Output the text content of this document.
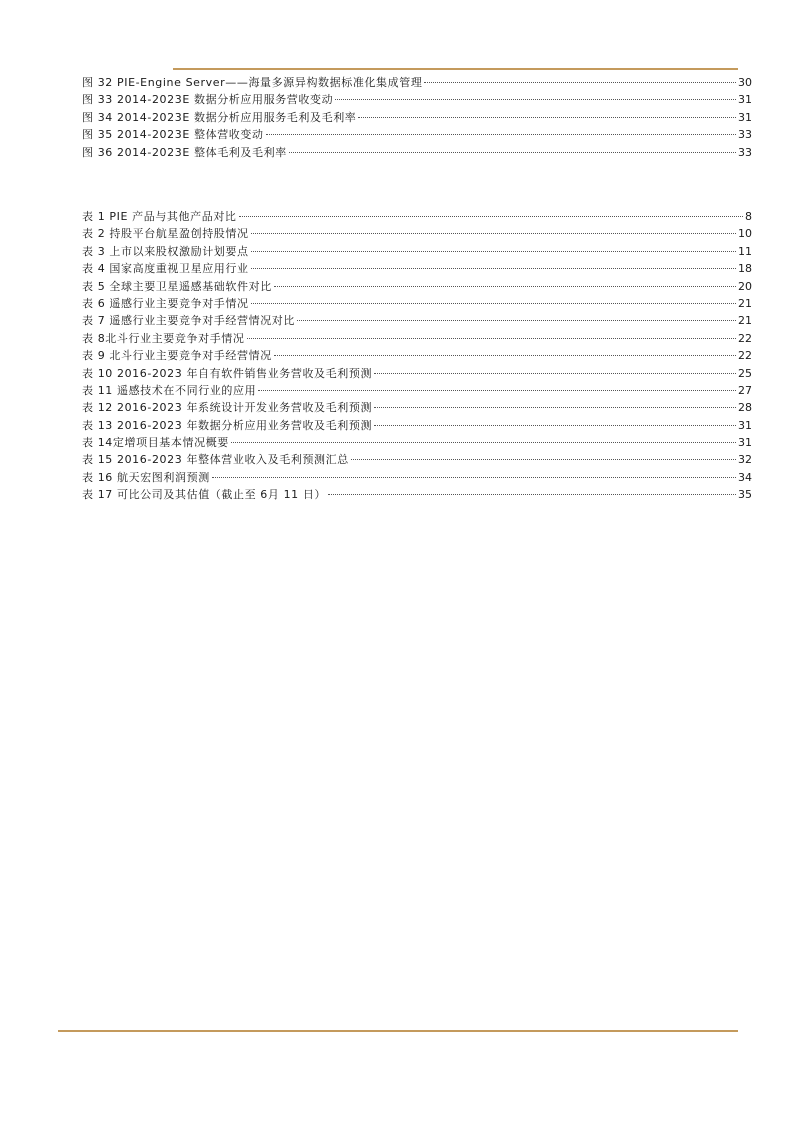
图 32 PIE-Engine Server——海量多源异构数据标准化集成管理	30
图 33 2014-2023E 数据分析应用服务营收变动	31
图 34 2014-2023E 数据分析应用服务毛利及毛利率	31
图 35 2014-2023E 整体营收变动	33
图 36 2014-2023E 整体毛利及毛利率	33
表 1 PIE 产品与其他产品对比	8
表 2 持股平台航星盈创持股情况	10
表 3 上市以来股权激励计划要点	11
表 4 国家高度重视卫星应用行业	18
表 5 全球主要卫星遥感基础软件对比	20
表 6 遥感行业主要竞争对手情况	21
表 7 遥感行业主要竞争对手经营情况对比	21
表 8北斗行业主要竞争对手情况	22
表 9 北斗行业主要竞争对手经营情况	22
表 10 2016-2023 年自有软件销售业务营收及毛利预测	25
表 11 遥感技术在不同行业的应用	27
表 12 2016-2023 年系统设计开发业务营收及毛利预测	28
表 13 2016-2023 年数据分析应用业务营收及毛利预测	31
表 14定增项目基本情况概要	31
表 15 2016-2023 年整体营业收入及毛利预测汇总	32
表 16 航天宏图利润预测	34
表 17 可比公司及其估值（截止至 6月 11 日）	35
